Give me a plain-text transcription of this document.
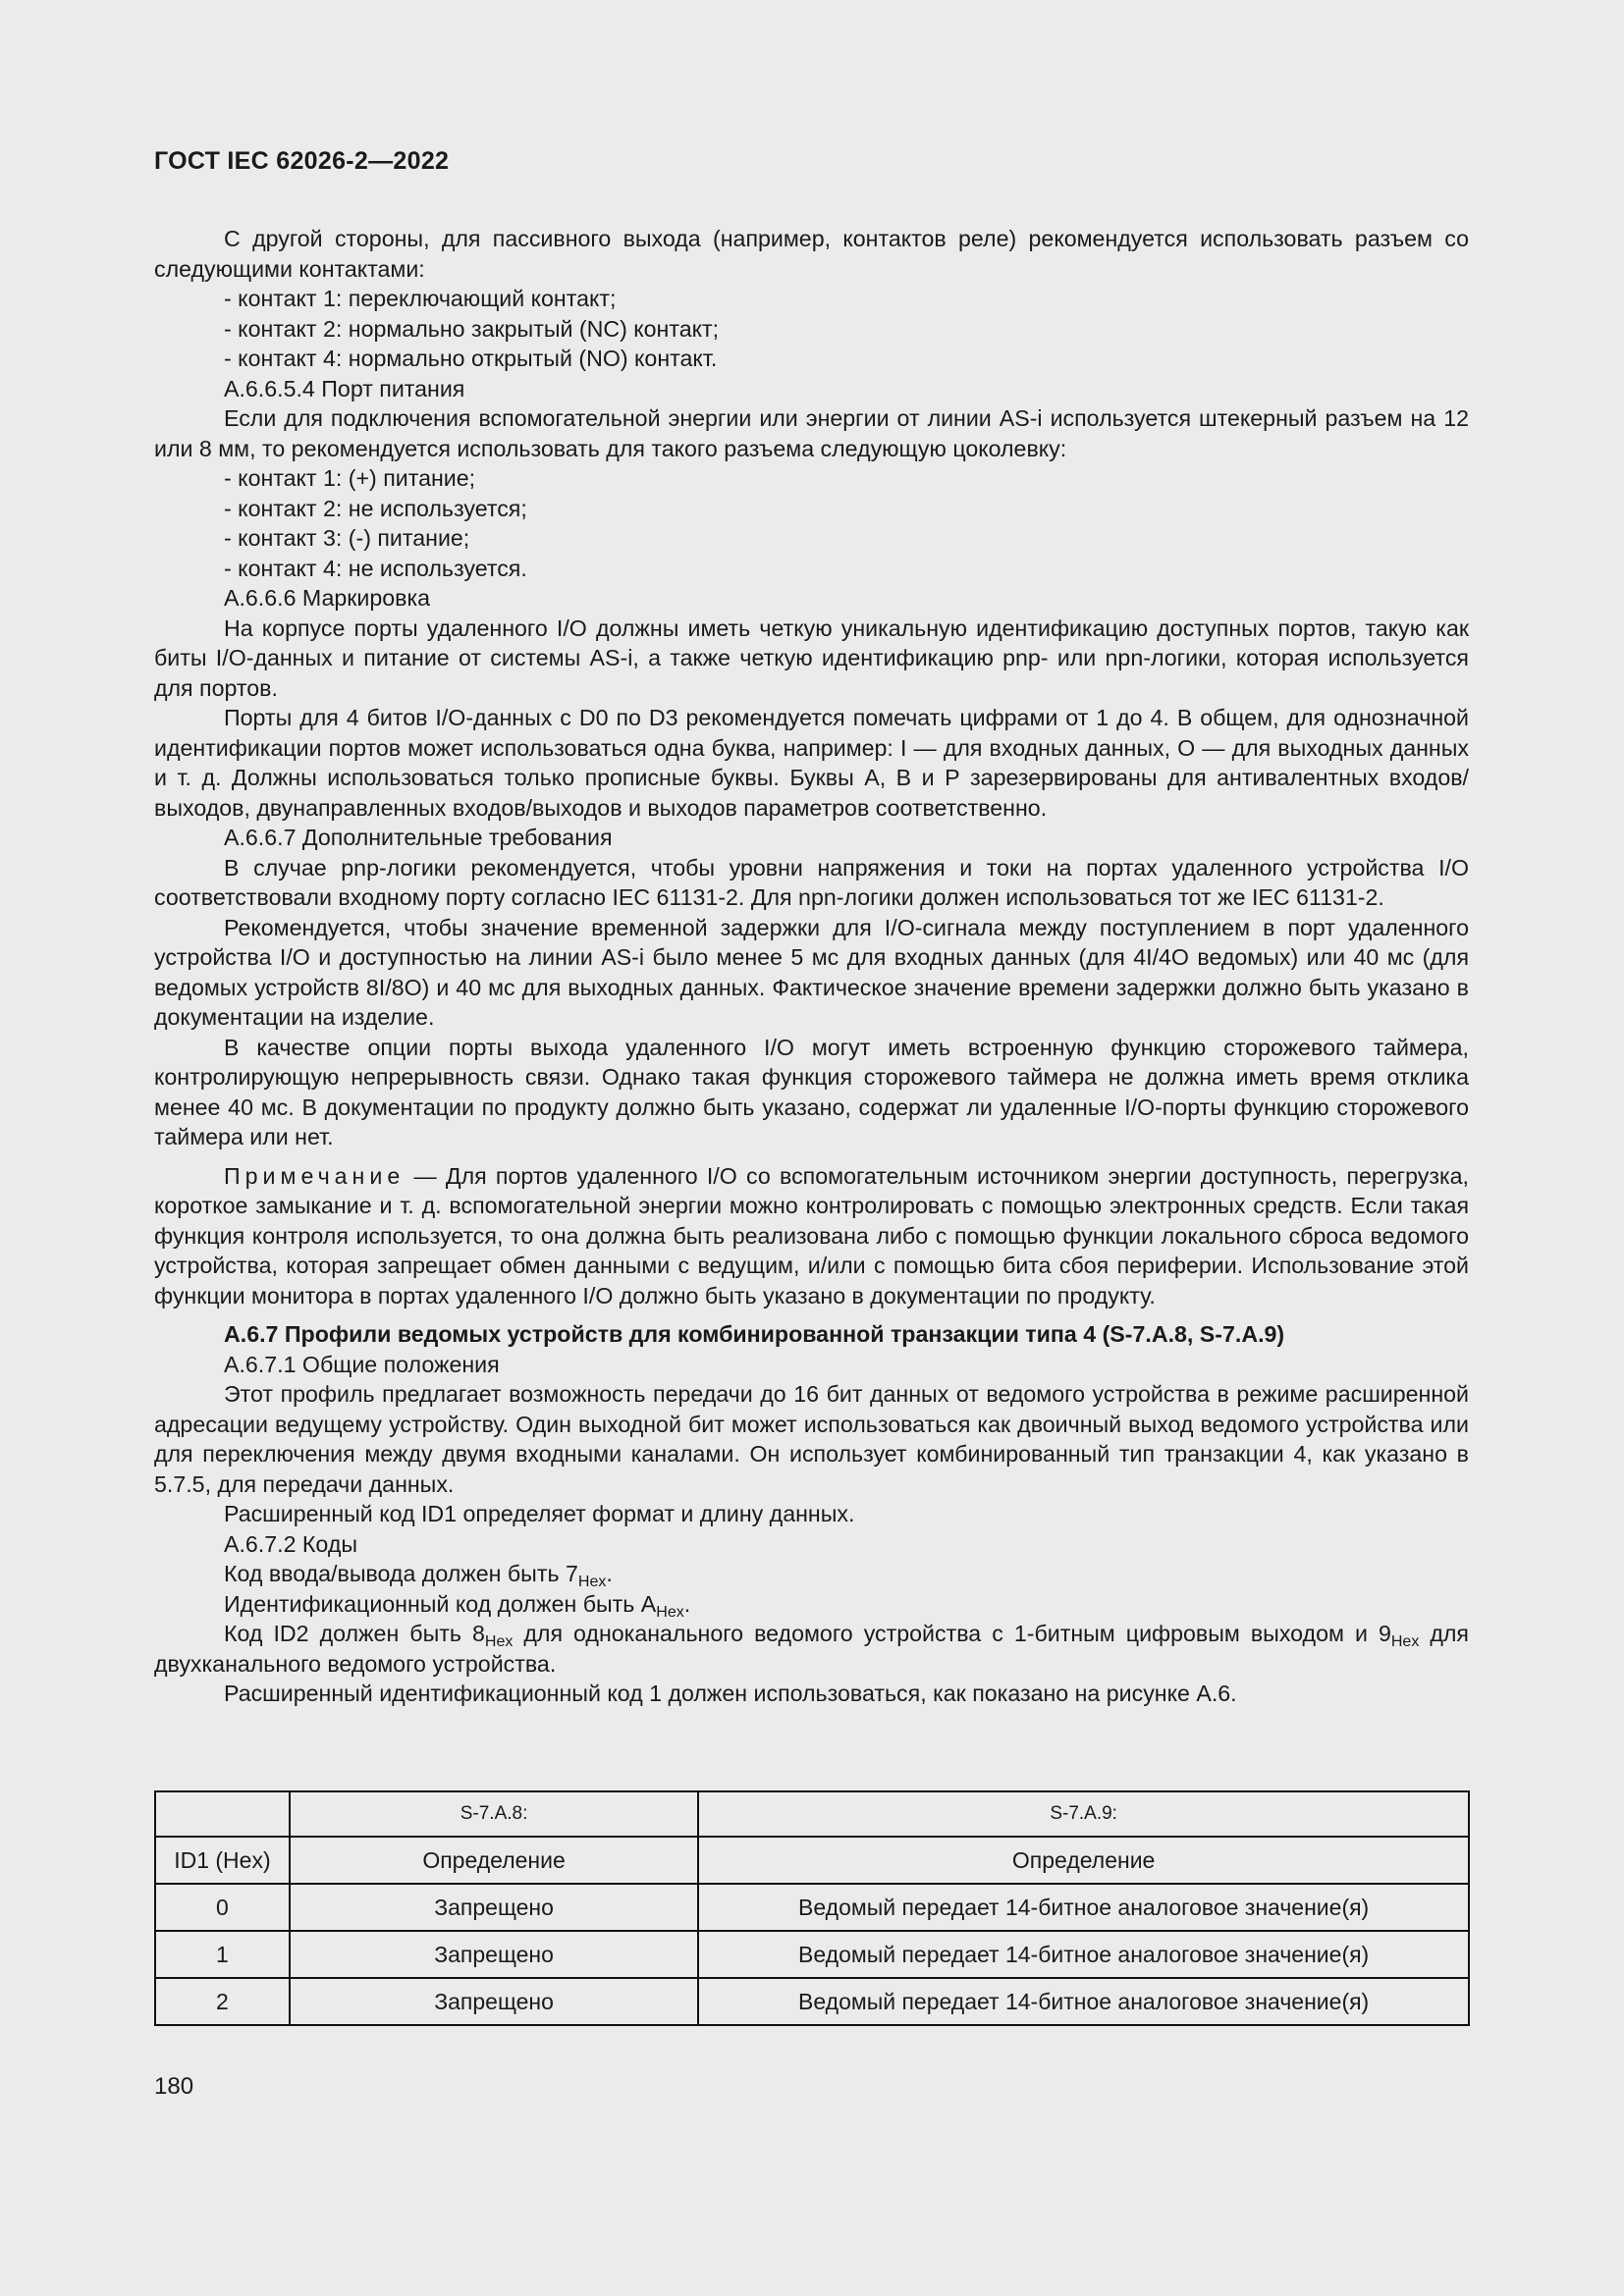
ГОСТ IEC 62026-2—2022

С другой стороны, для пассивного выхода (например, контактов реле) рекомендуется использовать разъем со следующими контактами:

- контакт 1: переключающий контакт;

- контакт 2: нормально закрытый (NC) контакт;

- контакт 4: нормально открытый (NO) контакт.

А.6.6.5.4 Порт питания

Если для подключения вспомогательной энергии или энергии от линии AS-i используется штекерный разъем на 12 или 8 мм, то рекомендуется использовать для такого разъема следующую цоколевку:

- контакт 1: (+) питание;

- контакт 2: не используется;

- контакт 3: (-) питание;

- контакт 4: не используется.

А.6.6.6 Маркировка

На корпусе порты удаленного I/O должны иметь четкую уникальную идентификацию доступных портов, такую как биты I/O-данных и питание от системы AS-i, а также четкую идентификацию pnp- или npn-логики, которая используется для портов.

Порты для 4 битов I/O-данных с D0 по D3 рекомендуется помечать цифрами от 1 до 4. В общем, для однозначной идентификации портов может использоваться одна буква, например: I — для входных данных, O — для выходных данных и т. д. Должны использоваться только прописные буквы. Буквы А, В и Р зарезервированы для антивалентных входов/выходов, двунаправленных входов/выходов и выходов параметров соответственно.

А.6.6.7 Дополнительные требования

В случае pnp-логики рекомендуется, чтобы уровни напряжения и токи на портах удаленного устройства I/O соответствовали входному порту согласно IEC 61131-2. Для npn-логики должен использоваться тот же IEC 61131-2.

Рекомендуется, чтобы значение временной задержки для I/O-сигнала между поступлением в порт удаленного устройства I/O и доступностью на линии AS-i было менее 5 мс для входных данных (для 4I/4O ведомых) или 40 мс (для ведомых устройств 8I/8O) и 40 мс для выходных данных. Фактическое значение времени задержки должно быть указано в документации на изделие.

В качестве опции порты выхода удаленного I/O могут иметь встроенную функцию сторожевого таймера, контролирующую непрерывность связи. Однако такая функция сторожевого таймера не должна иметь время отклика менее 40 мс. В документации по продукту должно быть указано, содержат ли удаленные I/O-порты функцию сторожевого таймера или нет.

Примечание — Для портов удаленного I/O со вспомогательным источником энергии доступность, перегрузка, короткое замыкание и т. д. вспомогательной энергии можно контролировать с помощью электронных средств. Если такая функция контроля используется, то она должна быть реализована либо с помощью функции локального сброса ведомого устройства, которая запрещает обмен данными с ведущим, и/или с помощью бита сбоя периферии. Использование этой функции монитора в портах удаленного I/O должно быть указано в документации по продукту.

А.6.7 Профили ведомых устройств для комбинированной транзакции типа 4 (S-7.A.8, S-7.A.9)

А.6.7.1 Общие положения

Этот профиль предлагает возможность передачи до 16 бит данных от ведомого устройства в режиме расширенной адресации ведущему устройству. Один выходной бит может использоваться как двоичный выход ведомого устройства или для переключения между двумя входными каналами. Он использует комбинированный тип транзакции 4, как указано в 5.7.5, для передачи данных.

Расширенный код ID1 определяет формат и длину данных.

А.6.7.2 Коды

Код ввода/вывода должен быть $7_{Hex}$.

Идентификационный код должен быть $А_{Hex}$.

Код ID2 должен быть $8_{Hex}$ для одноканального ведомого устройства с 1-битным цифровым выходом и $9_{Hex}$ для двухканального ведомого устройства.

Расширенный идентификационный код 1 должен использоваться, как показано на рисунке А.6.

	S-7.A.8:	S-7.A.9:
ID1 (Hex)	Определение	Определение
0	Запрещено	Ведомый передает 14-битное аналоговое значение(я)
1	Запрещено	Ведомый передает 14-битное аналоговое значение(я)
2	Запрещено	Ведомый передает 14-битное аналоговое значение(я)
180
